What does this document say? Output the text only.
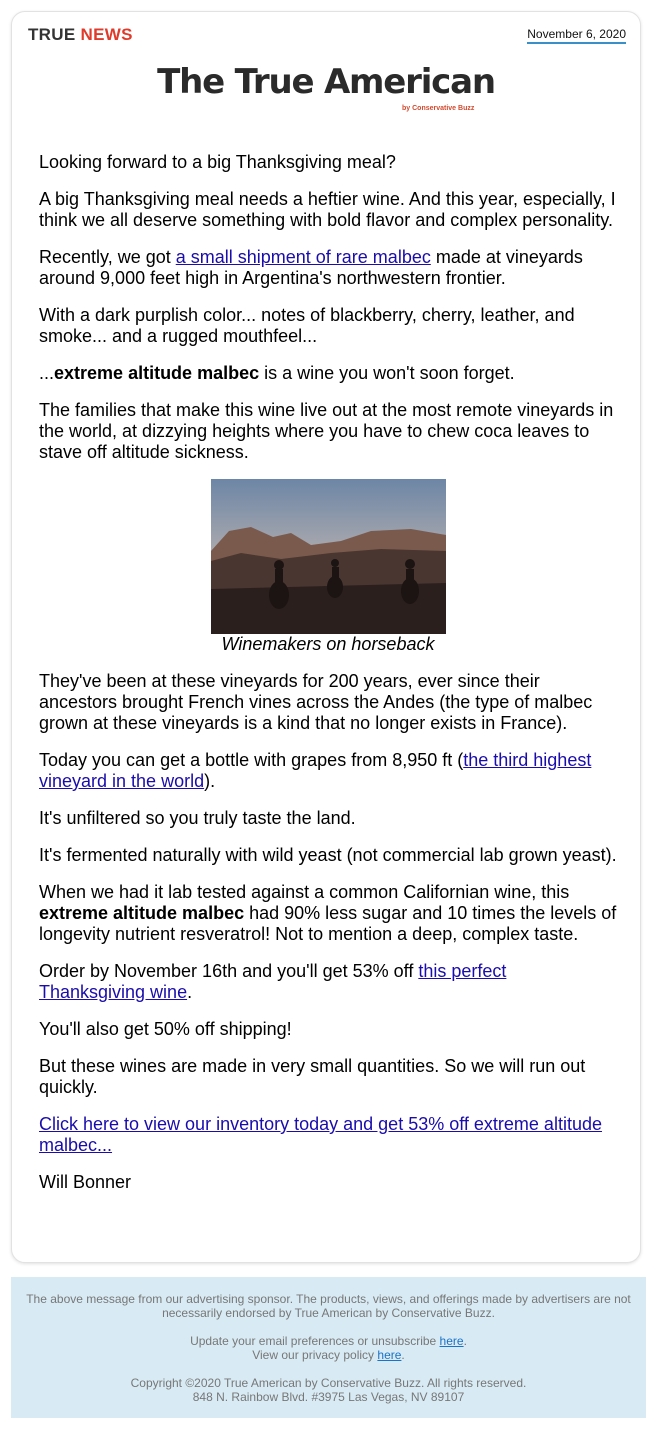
TRUE NEWS	November 6, 2020
The True American
by Conservative Buzz

Looking forward to a big Thanksgiving meal?

A big Thanksgiving meal needs a heftier wine. And this year, especially, I think we all deserve something with bold flavor and complex personality.

Recently, we got a small shipment of rare malbec made at vineyards around 9,000 feet high in Argentina's northwestern frontier.

With a dark purplish color... notes of blackberry, cherry, leather, and smoke... and a rugged mouthfeel...

...extreme altitude malbec is a wine you won't soon forget.

The families that make this wine live out at the most remote vineyards in the world, at dizzying heights where you have to chew coca leaves to stave off altitude sickness.

Winemakers on horseback

They've been at these vineyards for 200 years, ever since their ancestors brought French vines across the Andes (the type of malbec grown at these vineyards is a kind that no longer exists in France).

Today you can get a bottle with grapes from 8,950 ft (the third highest vineyard in the world).

It's unfiltered so you truly taste the land.

It's fermented naturally with wild yeast (not commercial lab grown yeast).

When we had it lab tested against a common Californian wine, this extreme altitude malbec had 90% less sugar and 10 times the levels of longevity nutrient resveratrol! Not to mention a deep, complex taste.

Order by November 16th and you'll get 53% off this perfect Thanksgiving wine.

You'll also get 50% off shipping!

But these wines are made in very small quantities. So we will run out quickly.

Click here to view our inventory today and get 53% off extreme altitude malbec...

Will Bonner

The above message from our advertising sponsor. The products, views, and offerings made by advertisers are not necessarily endorsed by True American by Conservative Buzz.

Update your email preferences or unsubscribe here.
View our privacy policy here.

Copyright ©2020 True American by Conservative Buzz. All rights reserved.
848 N. Rainbow Blvd. #3975 Las Vegas, NV 89107
